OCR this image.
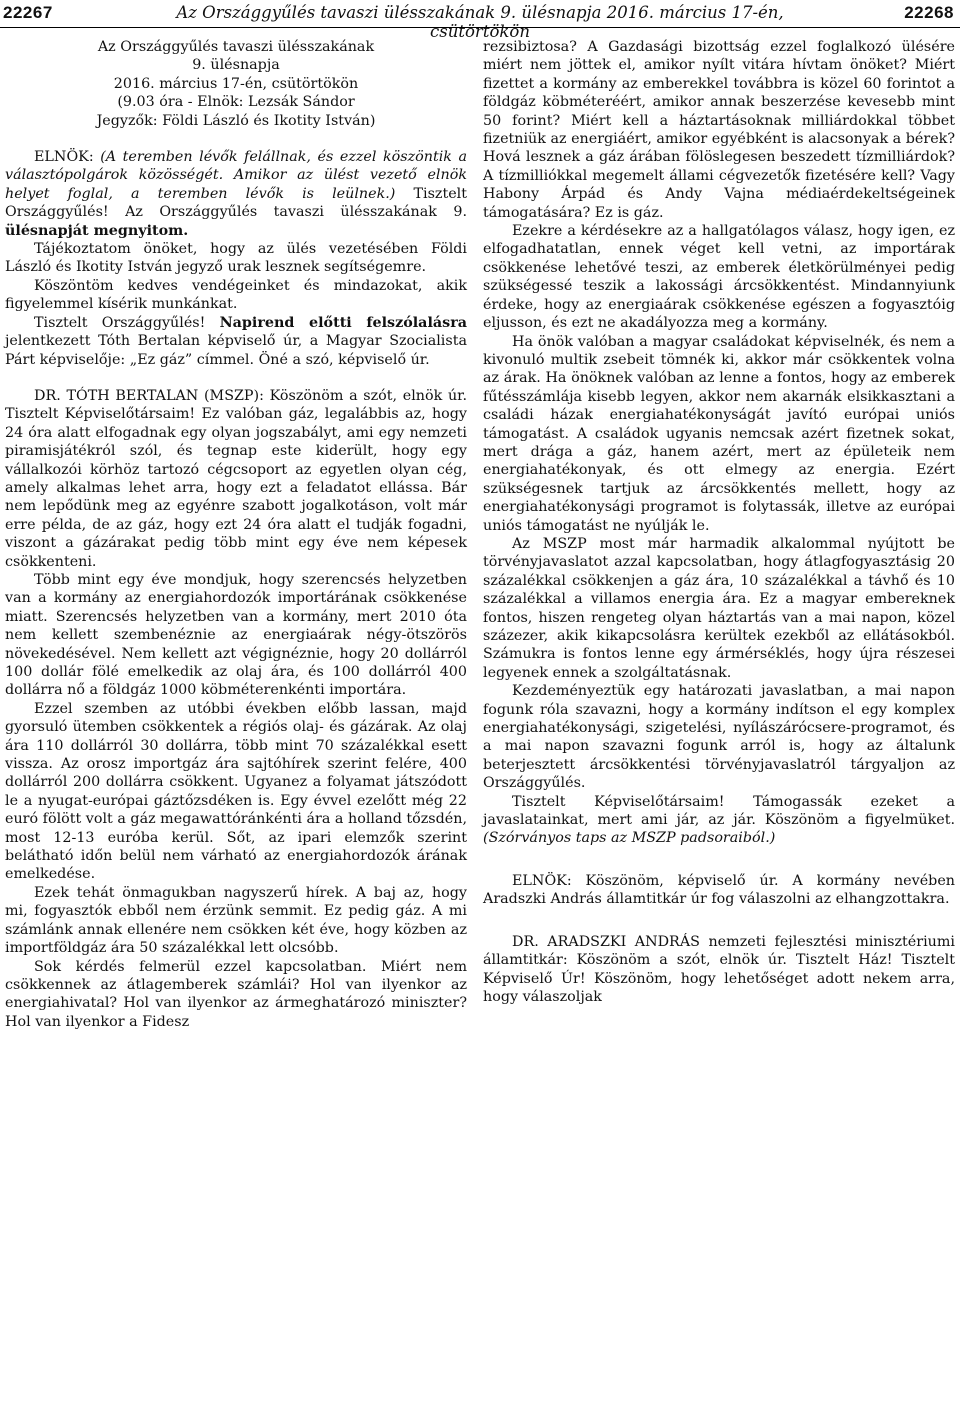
22267	Az Országgyűlés tavaszi ülésszakának 9. ülésnapja 2016. március 17-én, csütörtökön
22268

Az Országgyűlés tavaszi ülésszakának

9. ülésnapja

2016. március 17-én, csütörtökön

(9.03 óra - Elnök: Lezsák Sándor

Jegyzők: Földi László és Ikotity István)

ELNÖK: (A teremben lévők felállnak, és ezzel köszöntik a választópolgárok közösségét. Amikor az ülést vezető elnök helyet foglal, a teremben lévők is leülnek.) Tisztelt Országgyűlés! Az Országgyűlés tavaszi ülésszakának 9. ülésnapját megnyitom.

Tájékoztatom önöket, hogy az ülés vezetésében Földi László és Ikotity István jegyző urak lesznek segítségemre.

Köszöntöm kedves vendégeinket és mindazokat, akik figyelemmel kísérik munkánkat.

Tisztelt Országgyűlés! Napirend előtti felszólalásra jelentkezett Tóth Bertalan képviselő úr, a Magyar Szocialista Párt képviselője: „Ez gáz” címmel. Öné a szó, képviselő úr.

DR. TÓTH BERTALAN (MSZP): Köszönöm a szót, elnök úr. Tisztelt Képviselőtársaim! Ez valóban gáz, legalábbis az, hogy 24 óra alatt elfogadnak egy olyan jogszabályt, ami egy nemzeti piramisjátékról szól, és tegnap este kiderült, hogy egy vállalkozói körhöz tartozó cégcsoport az egyetlen olyan cég, amely alkalmas lehet arra, hogy ezt a feladatot ellássa. Bár nem lepődünk meg az egyénre szabott jogalkotáson, volt már erre példa, de az gáz, hogy ezt 24 óra alatt el tudják fogadni, viszont a gázárakat pedig több mint egy éve nem képesek csökkenteni.

Több mint egy éve mondjuk, hogy szerencsés helyzetben van a kormány az energiahordozók importárának csökkenése miatt. Szerencsés helyzetben van a kormány, mert 2010 óta nem kellett szembenéznie az energiaárak négy-ötszörös növekedésével. Nem kellett azt végignéznie, hogy 20 dollárról 100 dollár fölé emelkedik az olaj ára, és 100 dollárról 400 dollárra nő a földgáz 1000 köbméterenkénti importára.

Ezzel szemben az utóbbi években előbb lassan, majd gyorsuló ütemben csökkentek a régiós olaj- és gázárak. Az olaj ára 110 dollárról 30 dollárra, több mint 70 százalékkal esett vissza. Az orosz importgáz ára sajtóhírek szerint felére, 400 dollárról 200 dollárra csökkent. Ugyanez a folyamat játszódott le a nyugat-európai gáztőzsdéken is. Egy évvel ezelőtt még 22 euró fölött volt a gáz megawattóránkénti ára a holland tőzsdén, most 12-13 euróba kerül. Sőt, az ipari elemzők szerint belátható időn belül nem várható az energiahordozók árának emelkedése.

Ezek tehát önmagukban nagyszerű hírek. A baj az, hogy mi, fogyasztók ebből nem érzünk semmit. Ez pedig gáz. A mi számlánk annak ellenére nem csökken két éve, hogy közben az importföldgáz ára 50 százalékkal lett olcsóbb.

Sok kérdés felmerül ezzel kapcsolatban. Miért nem csökkennek az átlagemberek számlái? Hol van ilyenkor az energiahivatal? Hol van ilyenkor az ármeghatározó miniszter? Hol van ilyenkor a Fidesz

rezsibiztosa? A Gazdasági bizottság ezzel foglalkozó ülésére miért nem jöttek el, amikor nyílt vitára hívtam önöket? Miért fizettet a kormány az emberekkel továbbra is közel 60 forintot a földgáz köbméteréért, amikor annak beszerzése kevesebb mint 50 forint? Miért kell a háztartásoknak milliárdokkal többet fizetniük az energiáért, amikor egyébként is alacsonyak a bérek? Hová lesznek a gáz árában fölöslegesen beszedett tízmilliárdok? A tízmilliókkal megemelt állami cégvezetők fizetésére kell? Vagy Habony Árpád és Andy Vajna médiaérdekeltségeinek támogatására? Ez is gáz.

Ezekre a kérdésekre az a hallgatólagos válasz, hogy igen, ez elfogadhatatlan, ennek véget kell vetni, az importárak csökkenése lehetővé teszi, az emberek életkörülményei pedig szükségessé teszik a lakossági árcsökkentést. Mindannyiunk érdeke, hogy az energiaárak csökkenése egészen a fogyasztóig eljusson, és ezt ne akadályozza meg a kormány.

Ha önök valóban a magyar családokat képviselnék, és nem a kivonuló multik zsebeit tömnék ki, akkor már csökkentek volna az árak. Ha önöknek valóban az lenne a fontos, hogy az emberek fűtésszámlája kisebb legyen, akkor nem akarnák elsikkasztani a családi házak energiahatékonyságát javító európai uniós támogatást. A családok ugyanis nemcsak azért fizetnek sokat, mert drága a gáz, hanem azért, mert az épületeik nem energiahatékonyak, és ott elmegy az energia. Ezért szükségesnek tartjuk az árcsökkentés mellett, hogy az energiahatékonysági programot is folytassák, illetve az európai uniós támogatást ne nyúlják le.

Az MSZP most már harmadik alkalommal nyújtott be törvényjavaslatot azzal kapcsolatban, hogy átlagfogyasztásig 20 százalékkal csökkenjen a gáz ára, 10 százalékkal a távhő és 10 százalékkal a villamos energia ára. Ez a magyar embereknek fontos, hiszen rengeteg olyan háztartás van a mai napon, közel százezer, akik kikapcsolásra kerültek ezekből az ellátásokból. Számukra is fontos lenne egy ármérséklés, hogy újra részesei legyenek ennek a szolgáltatásnak.

Kezdeményeztük egy határozati javaslatban, a mai napon fogunk róla szavazni, hogy a kormány indítson el egy komplex energiahatékonysági, szigetelési, nyílászárócsere-programot, és a mai napon szavazni fogunk arról is, hogy az általunk beterjesztett árcsökkentési törvényjavaslatról tárgyaljon az Országgyűlés.

Tisztelt Képviselőtársaim! Támogassák ezeket a javaslatainkat, mert ami jár, az jár. Köszönöm a figyelmüket. (Szórványos taps az MSZP padsoraiból.)

ELNÖK: Köszönöm, képviselő úr. A kormány nevében Aradszki András államtitkár úr fog válaszolni az elhangzottakra.

DR. ARADSZKI ANDRÁS nemzeti fejlesztési minisztériumi államtitkár: Köszönöm a szót, elnök úr. Tisztelt Ház! Tisztelt Képviselő Úr! Köszönöm, hogy lehetőséget adott nekem arra, hogy válaszoljak
